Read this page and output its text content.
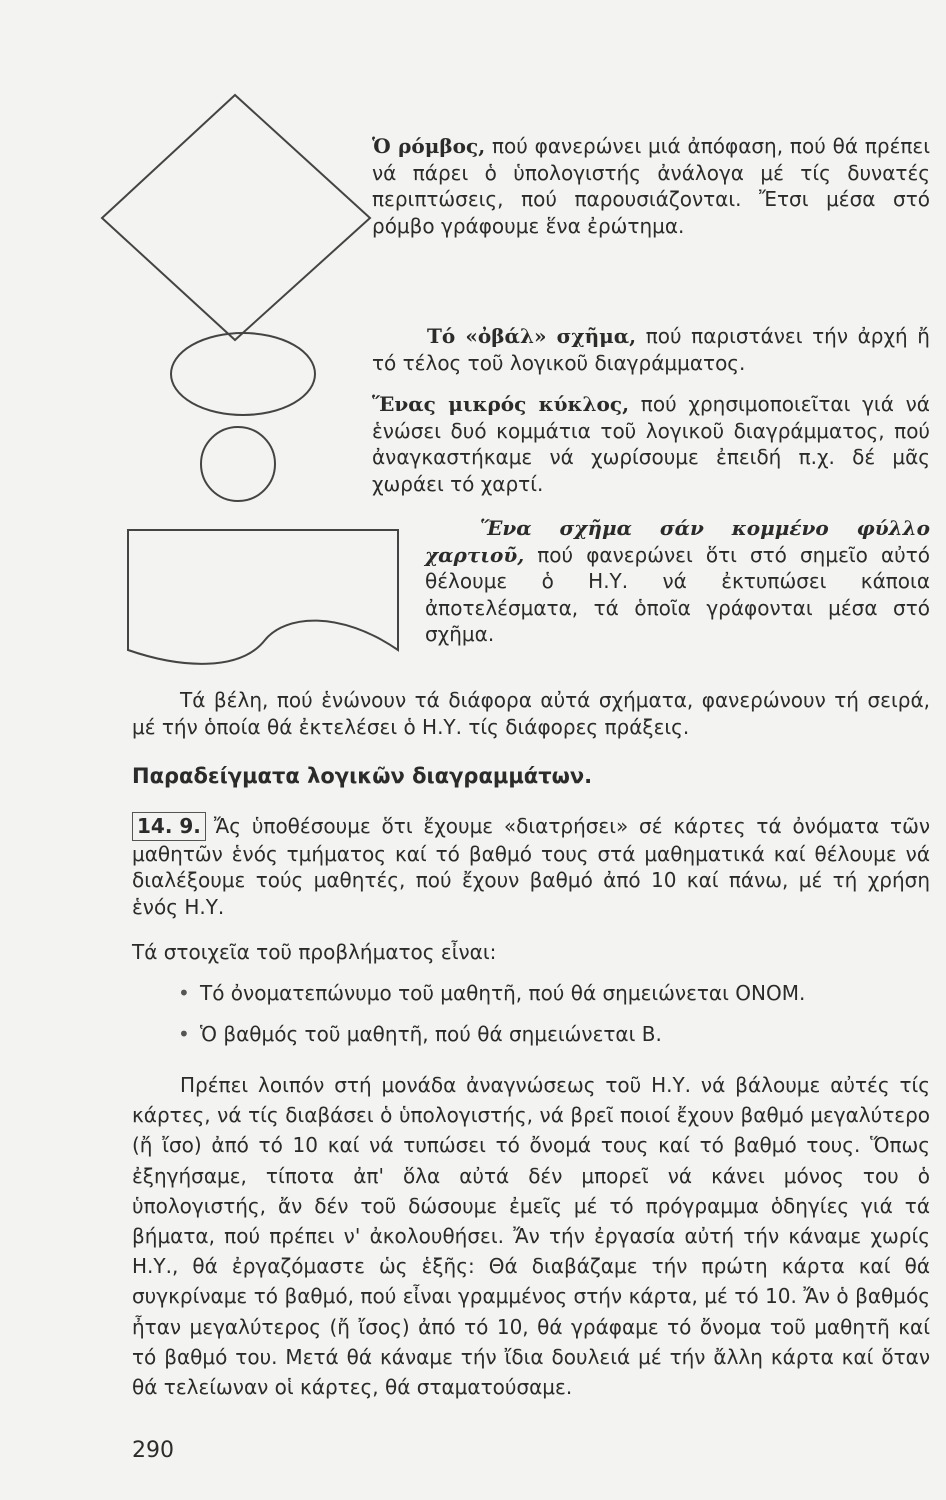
Ὁ ρόμβος, πού φανερώνει μιά ἀπόφαση, πού θά πρέπει νά πάρει ὁ ὑπολογιστής ἀνάλογα μέ τίς δυνατές περιπτώσεις, πού παρουσιάζονται. Ἔτσι μέσα στό ρόμβο γράφουμε ἕνα ἐρώτημα.
Τό «ὀβάλ» σχῆμα, πού παριστάνει τήν ἀρχή ἤ τό τέλος τοῦ λογικοῦ διαγράμματος.
Ἕνας μικρός κύκλος, πού χρησιμοποιεῖται γιά νά ἑνώσει δυό κομμάτια τοῦ λογικοῦ διαγράμματος, πού ἀναγκαστήκαμε νά χωρίσουμε ἐπειδή π.χ. δέ μᾶς χωράει τό χαρτί.
Ἕνα σχῆμα σάν κομμένο φύλλο χαρτιοῦ, πού φανερώνει ὅτι στό σημεῖο αὐτό θέλουμε ὁ Η.Υ. νά ἐκτυπώσει κάποια ἀποτελέσματα, τά ὁποῖα γράφονται μέσα στό σχῆμα.
Τά βέλη, πού ἑνώνουν τά διάφορα αὐτά σχήματα, φανερώνουν τή σειρά, μέ τήν ὁποία θά ἐκτελέσει ὁ Η.Υ. τίς διάφορες πράξεις.
Παραδείγματα λογικῶν διαγραμμάτων.
14. 9. Ἄς ὑποθέσουμε ὅτι ἔχουμε «διατρήσει» σέ κάρτες τά ὀνόματα τῶν μαθητῶν ἑνός τμήματος καί τό βαθμό τους στά μαθηματικά καί θέλουμε νά διαλέξουμε τούς μαθητές, πού ἔχουν βαθμό ἀπό 10 καί πάνω, μέ τή χρήση ἑνός Η.Υ.
Τά στοιχεῖα τοῦ προβλήματος εἶναι:
• Τό ὀνοματεπώνυμο τοῦ μαθητῆ, πού θά σημειώνεται ΟΝΟΜ.
• Ὁ βαθμός τοῦ μαθητῆ, πού θά σημειώνεται Β.
Πρέπει λοιπόν στή μονάδα ἀναγνώσεως τοῦ Η.Υ. νά βάλουμε αὐτές τίς κάρτες, νά τίς διαβάσει ὁ ὑπολογιστής, νά βρεῖ ποιοί ἔχουν βαθμό μεγαλύτερο (ἤ ἴσο) ἀπό τό 10 καί νά τυπώσει τό ὄνομά τους καί τό βαθμό τους. Ὅπως ἐξηγήσαμε, τίποτα ἀπ' ὅλα αὐτά δέν μπορεῖ νά κάνει μόνος του ὁ ὑπολογιστής, ἄν δέν τοῦ δώσουμε ἐμεῖς μέ τό πρόγραμμα ὁδηγίες γιά τά βήματα, πού πρέπει ν' ἀκολουθήσει. Ἄν τήν ἐργασία αὐτή τήν κάναμε χωρίς Η.Υ., θά ἐργαζόμαστε ὡς ἑξῆς: Θά διαβάζαμε τήν πρώτη κάρτα καί θά συγκρίναμε τό βαθμό, πού εἶναι γραμμένος στήν κάρτα, μέ τό 10. Ἄν ὁ βαθμός ἦταν μεγαλύτερος (ἤ ἴσος) ἀπό τό 10, θά γράφαμε τό ὄνομα τοῦ μαθητῆ καί τό βαθμό του. Μετά θά κάναμε τήν ἴδια δουλειά μέ τήν ἄλλη κάρτα καί ὅταν θά τελείωναν οἱ κάρτες, θά σταματούσαμε.
290
